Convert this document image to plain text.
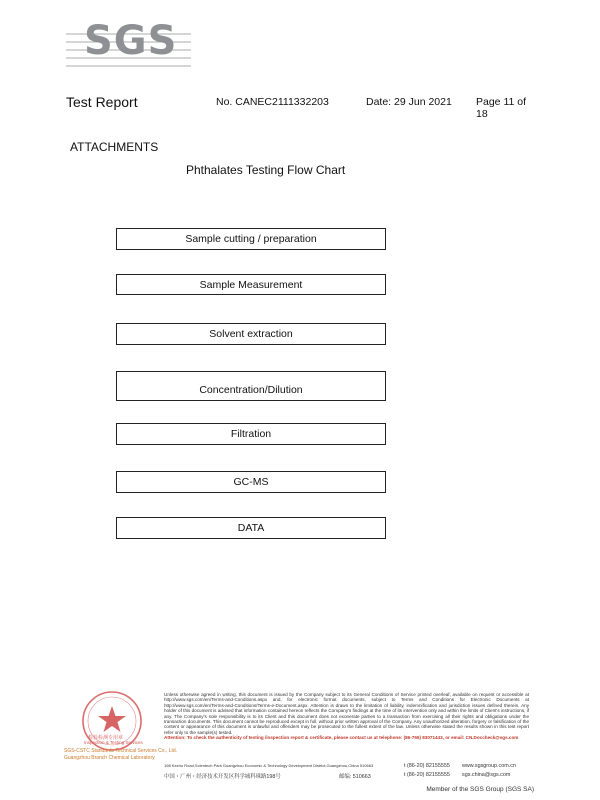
SGS
Test Report	No. CANEC2111332203	Date: 29 Jun 2021 Page 11 of 18
ATTACHMENTS
Phthalates Testing Flow Chart
Sample cutting / preparation
Sample Measurement
Solvent extraction
Concentration/Dilution
Filtration
GC-MS
DATA
检验检测专用章
Inspection & Testing Services
SGS-CSTC Standards Technical Services Co., Ltd.
Guangzhou Branch Chemical Laboratory
Unless otherwise agreed in writing, this document is issued by the Company subject to its General Conditions of Service printed overleaf, available on request or accessible at http://www.sgs.com/en/Terms-and-Conditions.aspx and, for electronic format documents, subject to Terms and Conditions for Electronic Documents at http://www.sgs.com/en/Terms-and-Conditions/Terms-e-Document.aspx. Attention is drawn to the limitation of liability, indemnification and jurisdiction issues defined therein. Any holder of this document is advised that information contained hereon reflects the Company's findings at the time of its intervention only and within the limits of Client's instructions, if any. The Company's sole responsibility is to its Client and this document does not exonerate parties to a transaction from exercising all their rights and obligations under the transaction documents. This document cannot be reproduced except in full, without prior written approval of the Company. Any unauthorized alteration, forgery or falsification of the content or appearance of this document is unlawful and offenders may be prosecuted to the fullest extent of the law. Unless otherwise stated the results shown in this test report refer only to the sample(s) tested.
Attention: To check the authenticity of testing /inspection report & certificate, please contact us at telephone: (86-755) 83071443, or email: CN.Doccheck@sgs.com
198 Kezhu Road,Scientech Park Guangzhou Economic & Technology Development District,Guangzhou,China 510663	t (86-20) 82155555 www.sgsgroup.com.cn
中国・广州・经济技术开发区科学城科珠路198号	邮编: 510663	t (86-20) 82155555 sgs.china@sgs.com
Member of the SGS Group (SGS SA)
